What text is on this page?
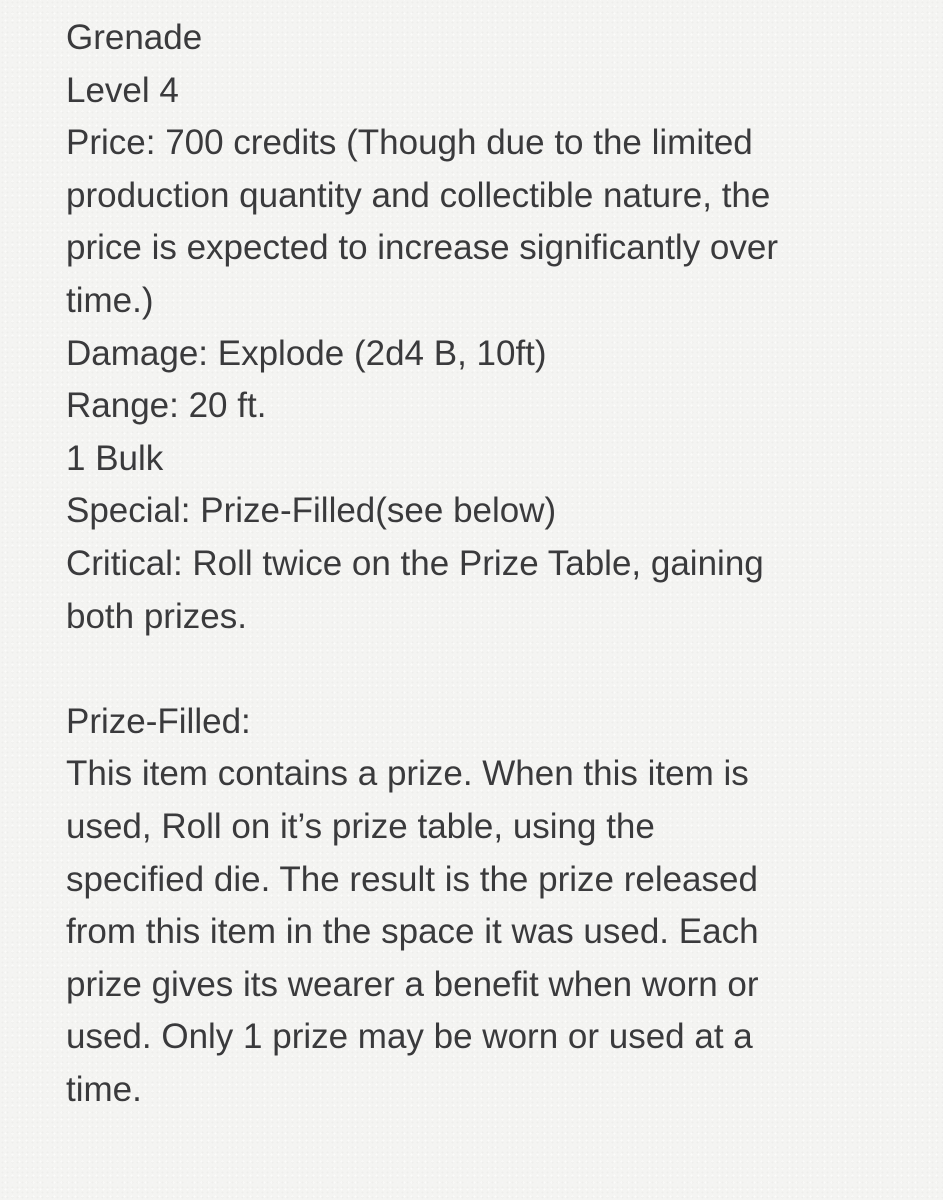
Grenade
Level 4
Price: 700 credits (Though due to the limited
production quantity and collectible nature, the
price is expected to increase significantly over
time.)
Damage: Explode (2d4 B, 10ft)
Range: 20 ft.
1 Bulk
Special: Prize-Filled(see below)
Critical: Roll twice on the Prize Table, gaining
both prizes.
Prize-Filled:
This item contains a prize. When this item is
used, Roll on it’s prize table, using the
specified die. The result is the prize released
from this item in the space it was used. Each
prize gives its wearer a benefit when worn or
used. Only 1 prize may be worn or used at a
time.
